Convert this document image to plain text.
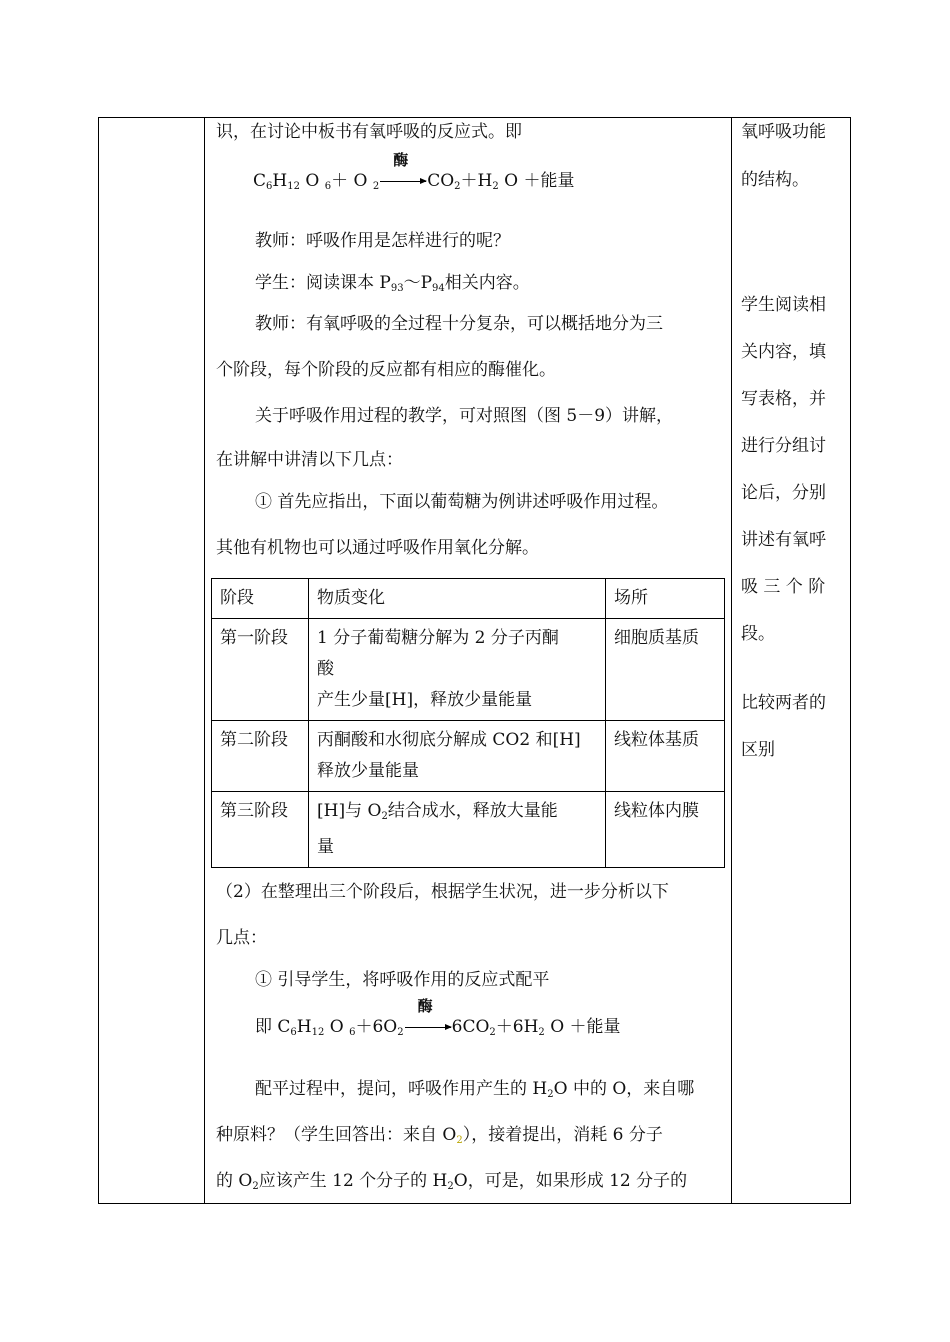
识，在讨论中板书有氧呼吸的反应式。即
$C_6H_{12}$ O $_6$＋ O $_2$
酶
$CO_2+H_2$ O ＋能量
教师：呼吸作用是怎样进行的呢？
学生：阅读课本 $P_{93}\sim P_{94}$相关内容。
教师：有氧呼吸的全过程十分复杂，可以概括地分为三
个阶段，每个阶段的反应都有相应的酶催化。
关于呼吸作用过程的教学，可对照图（图 5－9）讲解，
在讲解中讲清以下几点：
① 首先应指出，下面以葡萄糖为例讲述呼吸作用过程。
其他有机物也可以通过呼吸作用氧化分解。
阶段	物质变化	场所
第一阶段	1 分子葡萄糖分解为 2 分子丙酮
酸
产生少量[H]，释放少量能量	细胞质基质
第二阶段	丙酮酸和水彻底分解成 CO2 和[H]
释放少量能量	线粒体基质
第三阶段	[H]与 $O_2$结合成水，释放大量能
量	线粒体内膜
（2）在整理出三个阶段后，根据学生状况，进一步分析以下
几点：
① 引导学生，将呼吸作用的反应式配平
即 $C_6H_{12}$ O $_6+6O_2$
酶
$6CO_2+6H_2$ O ＋能量
配平过程中，提问，呼吸作用产生的 $H_2O$ 中的 O，来自哪
种原料？（学生回答出：来自 $O_2$），接着提出，消耗 6 分子
的 $O_2$应该产生 12 个分子的 $H_2O$，可是，如果形成 12 分子的
氧呼吸功能
的结构。
学生阅读相
关内容，填
写表格，并
进行分组讨
论后，分别
讲述有氧呼
吸 三 个 阶
段。
比较两者的
区别
